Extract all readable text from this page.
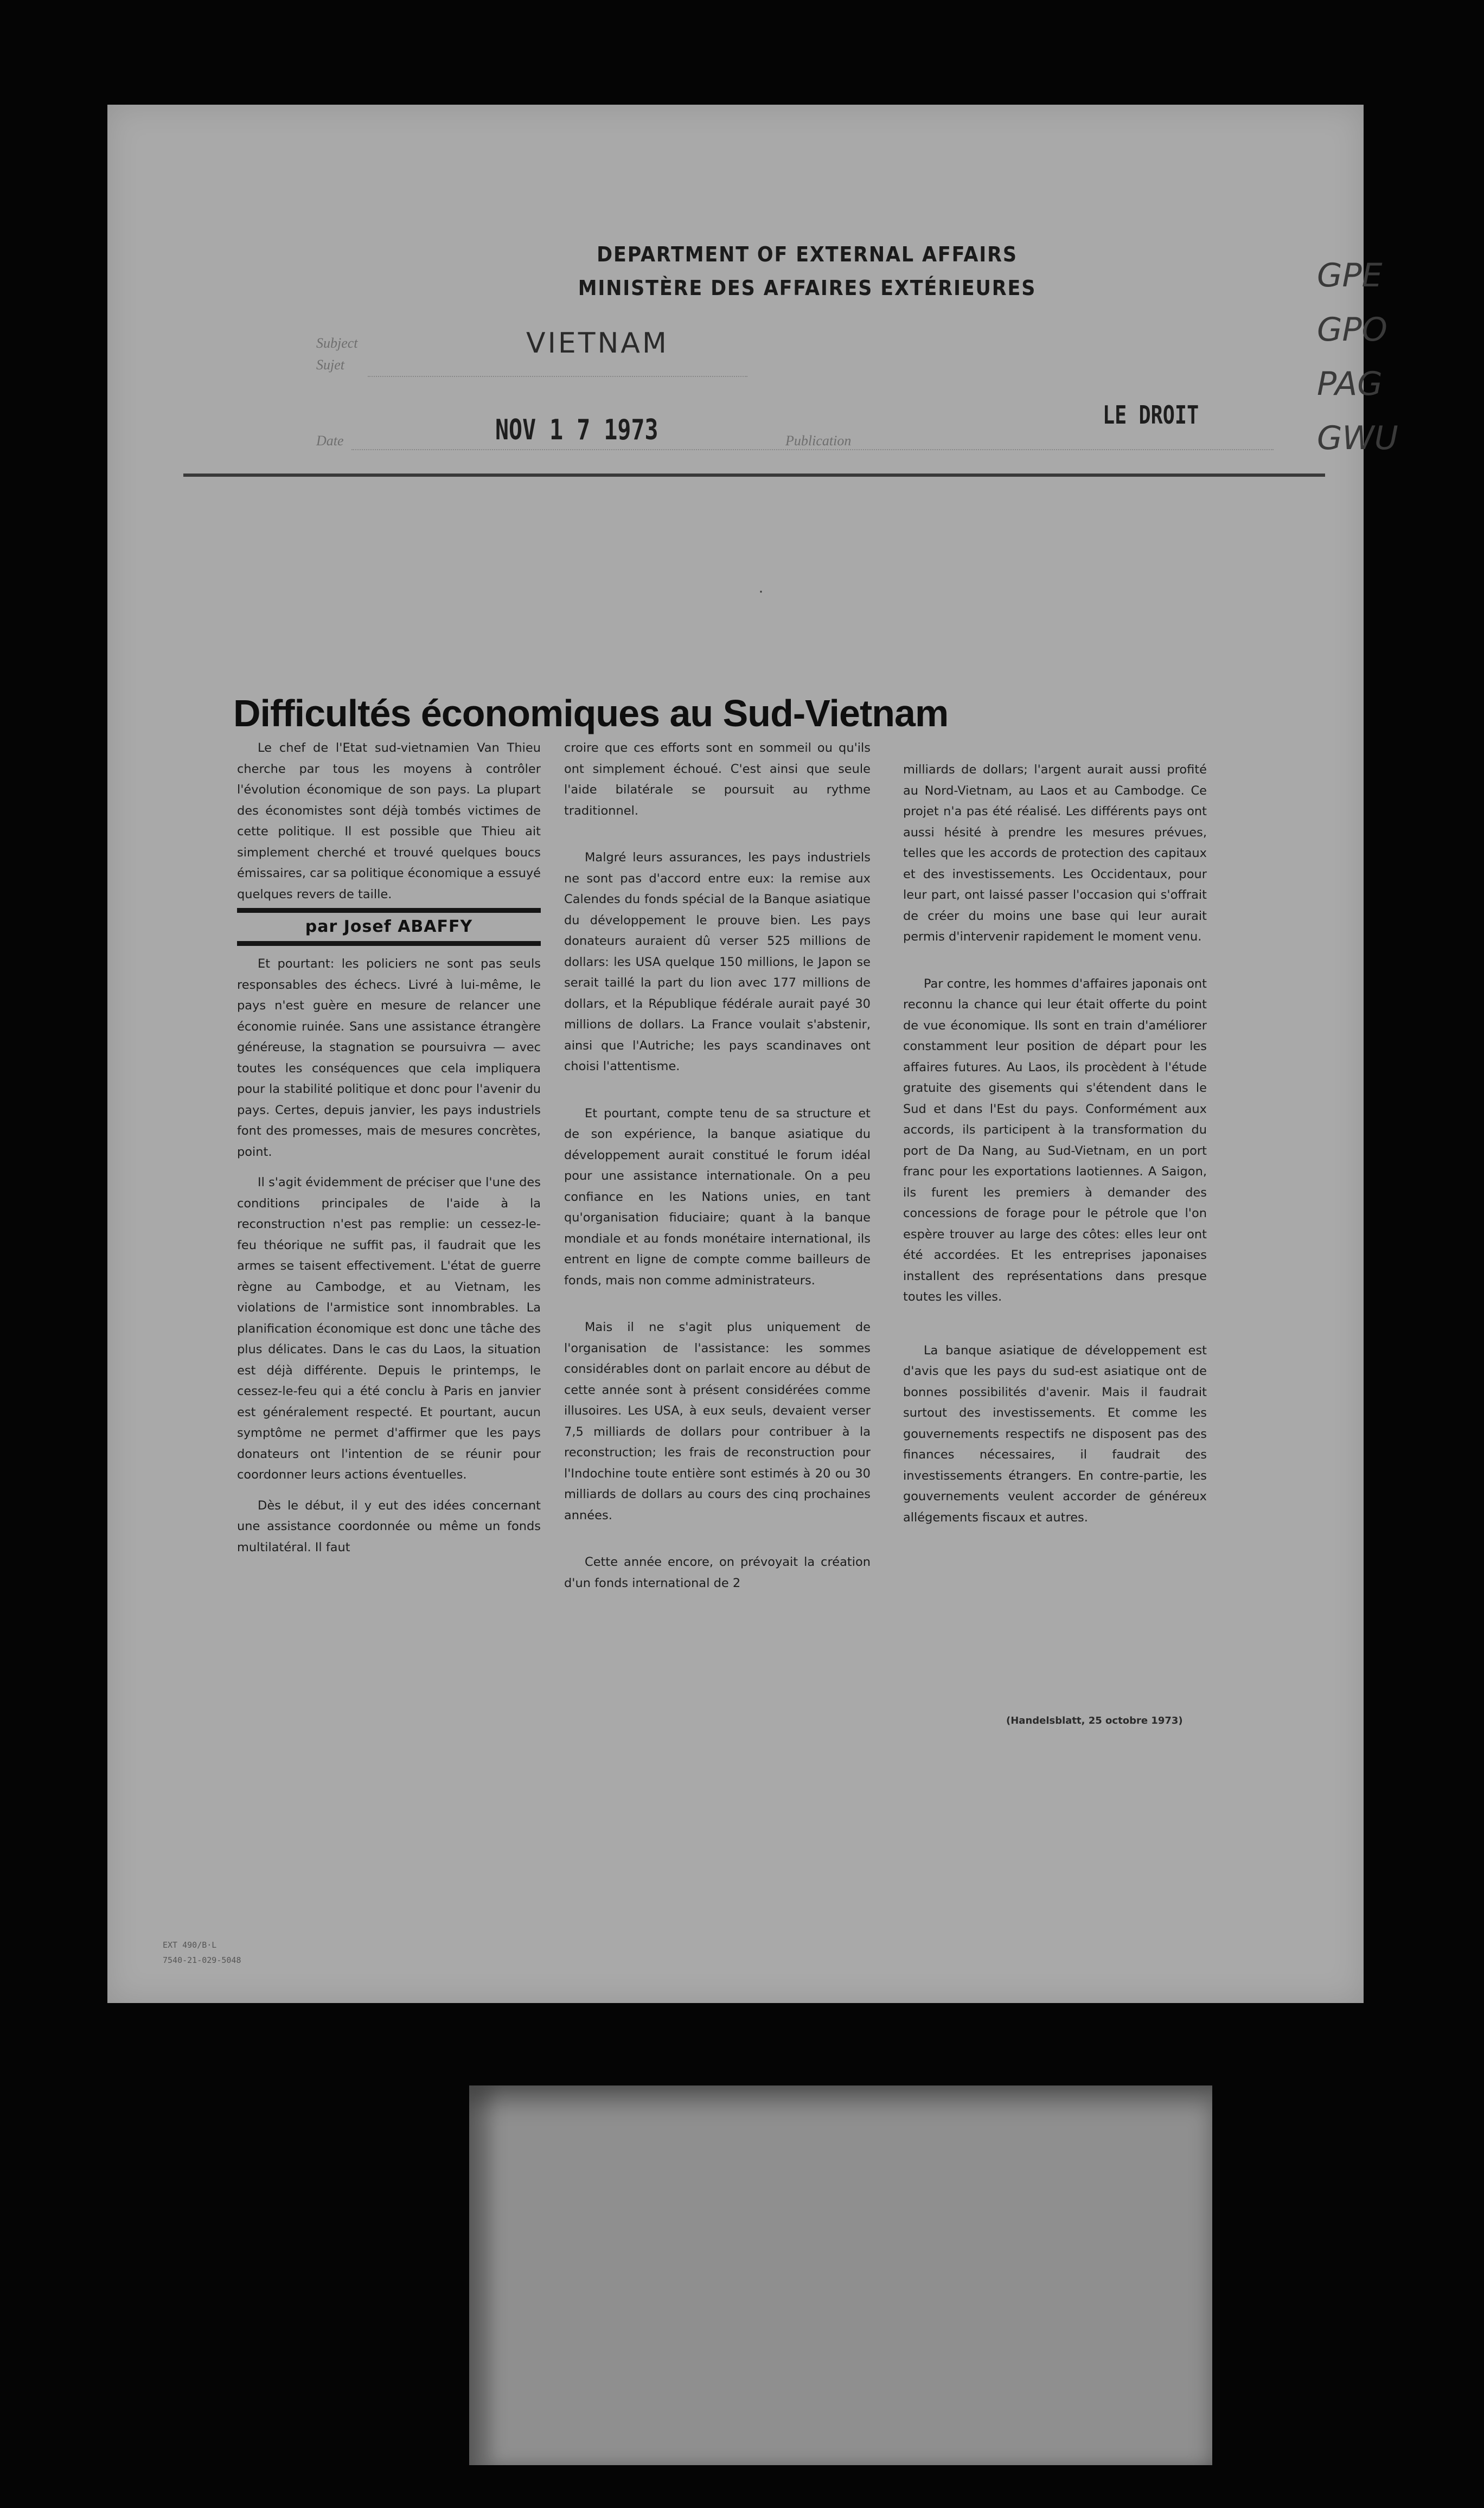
DEPARTMENT OF EXTERNAL AFFAIRS
MINISTÈRE DES AFFAIRES EXTÉRIEURES	GPE
GPO
PAG
GWU
Subject
Sujet
VIETNAM
Date	NOV 1 7 1973	Publication
LE DROIT
·
Difficultés économiques au Sud-Vietnam

Le chef de l'Etat sud-vietnamien Van Thieu cherche par tous les moyens à contrôler l'évolution économique de son pays. La plupart des économistes sont déjà tombés victimes de cette politique. Il est possible que Thieu ait simplement cherché et trouvé quelques boucs émissaires, car sa politique économique a essuyé quelques revers de taille.

par Josef ABAFFY

Et pourtant: les policiers ne sont pas seuls responsables des échecs. Livré à lui-même, le pays n'est guère en mesure de relancer une économie ruinée. Sans une assistance étrangère généreuse, la stagnation se poursuivra — avec toutes les conséquences que cela impliquera pour la stabilité politique et donc pour l'avenir du pays. Certes, depuis janvier, les pays industriels font des promesses, mais de mesures concrètes, point.

Il s'agit évidemment de préciser que l'une des conditions principales de l'aide à la reconstruction n'est pas remplie: un cessez-le-feu théorique ne suffit pas, il faudrait que les armes se taisent effectivement. L'état de guerre règne au Cambodge, et au Vietnam, les violations de l'armistice sont innombrables. La planification économique est donc une tâche des plus délicates. Dans le cas du Laos, la situation est déjà différente. Depuis le printemps, le cessez-le-feu qui a été conclu à Paris en janvier est généralement respecté. Et pourtant, aucun symptôme ne permet d'affirmer que les pays donateurs ont l'intention de se réunir pour coordonner leurs actions éventuelles.

Dès le début, il y eut des idées concernant une assistance coordonnée ou même un fonds multilatéral. Il faut

croire que ces efforts sont en sommeil ou qu'ils ont simplement échoué. C'est ainsi que seule l'aide bilatérale se poursuit au rythme traditionnel.

Malgré leurs assurances, les pays industriels ne sont pas d'accord entre eux: la remise aux Calendes du fonds spécial de la Banque asiatique du développement le prouve bien. Les pays donateurs auraient dû verser 525 millions de dollars: les USA quelque 150 millions, le Japon se serait taillé la part du lion avec 177 millions de dollars, et la République fédérale aurait payé 30 millions de dollars. La France voulait s'abstenir, ainsi que l'Autriche; les pays scandinaves ont choisi l'attentisme.

Et pourtant, compte tenu de sa structure et de son expérience, la banque asiatique du développement aurait constitué le forum idéal pour une assistance internationale. On a peu confiance en les Nations unies, en tant qu'organisation fiduciaire; quant à la banque mondiale et au fonds monétaire international, ils entrent en ligne de compte comme bailleurs de fonds, mais non comme administrateurs.

Mais il ne s'agit plus uniquement de l'organisation de l'assistance: les sommes considérables dont on parlait encore au début de cette année sont à présent considérées comme illusoires. Les USA, à eux seuls, devaient verser 7,5 milliards de dollars pour contribuer à la reconstruction; les frais de reconstruction pour l'Indochine toute entière sont estimés à 20 ou 30 milliards de dollars au cours des cinq prochaines années.

Cette année encore, on prévoyait la création d'un fonds international de 2

milliards de dollars; l'argent aurait aussi profité au Nord-Vietnam, au Laos et au Cambodge. Ce projet n'a pas été réalisé. Les différents pays ont aussi hésité à prendre les mesures prévues, telles que les accords de protection des capitaux et des investissements. Les Occidentaux, pour leur part, ont laissé passer l'occasion qui s'offrait de créer du moins une base qui leur aurait permis d'intervenir rapidement le moment venu.

Par contre, les hommes d'affaires japonais ont reconnu la chance qui leur était offerte du point de vue économique. Ils sont en train d'améliorer constamment leur position de départ pour les affaires futures. Au Laos, ils procèdent à l'étude gratuite des gisements qui s'étendent dans le Sud et dans l'Est du pays. Conformément aux accords, ils participent à la transformation du port de Da Nang, au Sud-Vietnam, en un port franc pour les exportations laotiennes. A Saigon, ils furent les premiers à demander des concessions de forage pour le pétrole que l'on espère trouver au large des côtes: elles leur ont été accordées. Et les entreprises japonaises installent des représentations dans presque toutes les villes.

La banque asiatique de développement est d'avis que les pays du sud-est asiatique ont de bonnes possibilités d'avenir. Mais il faudrait surtout des investissements. Et comme les gouvernements respectifs ne disposent pas des finances nécessaires, il faudrait des investissements étrangers. En contre-partie, les gouvernements veulent accorder de généreux allégements fiscaux et autres.

(Handelsblatt, 25 octobre 1973)
EXT 490/B·L
7540-21-029-5048
